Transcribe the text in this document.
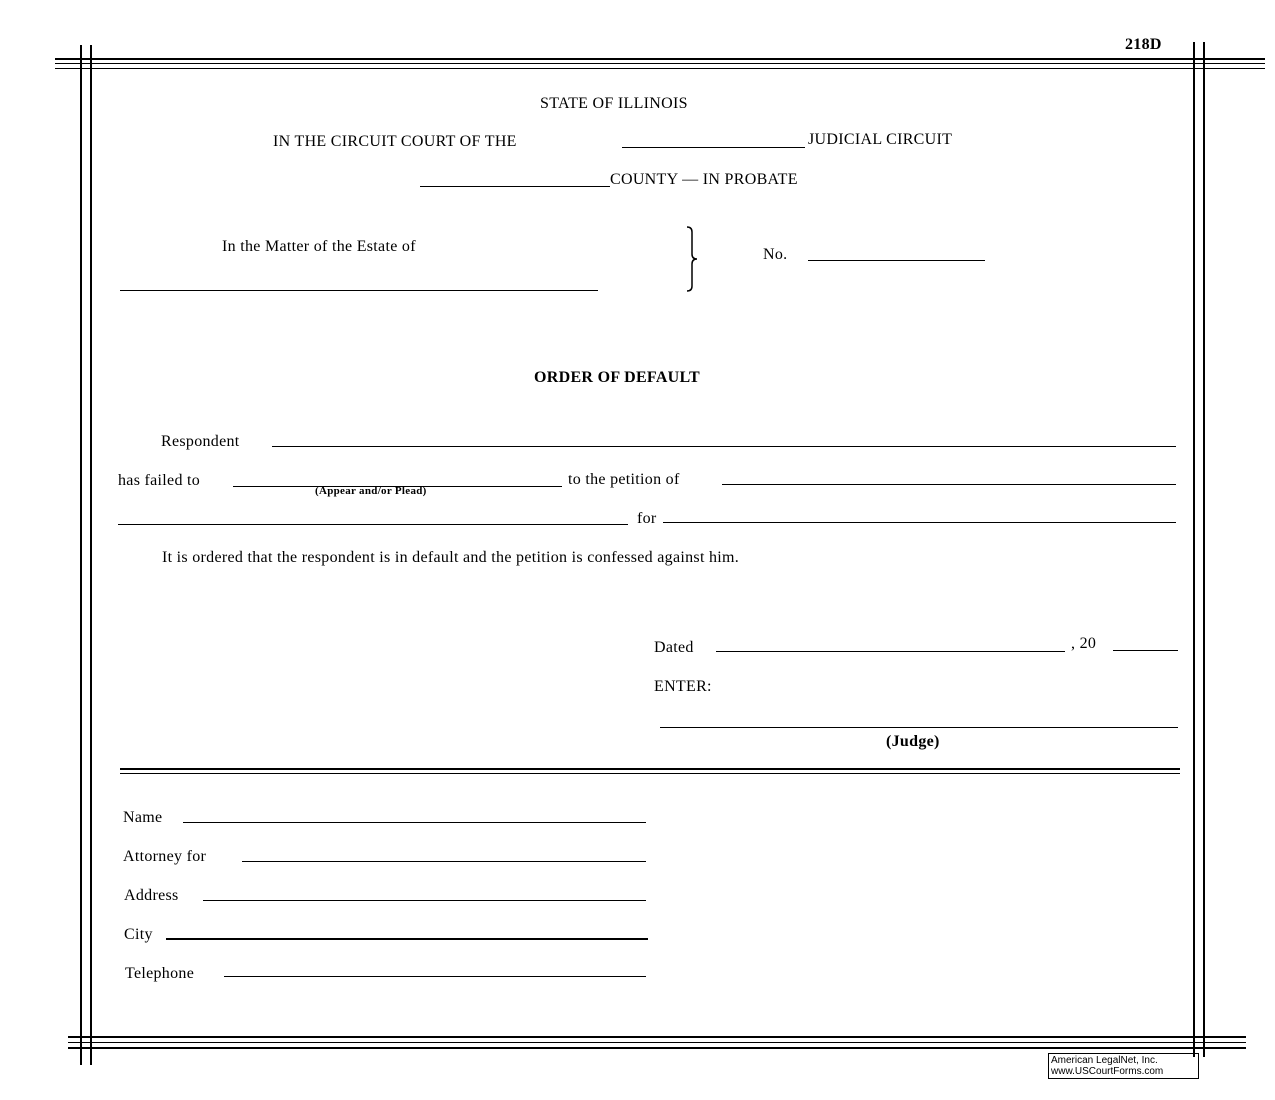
218D
STATE OF ILLINOIS
IN THE CIRCUIT COURT OF THE	JUDICIAL CIRCUIT
COUNTY — IN PROBATE
In the Matter of the Estate of	No.
ORDER OF DEFAULT
Respondent
has failed to
(Appear and/or Plead)
to the petition of
for
It is ordered that the respondent is in default and the petition is confessed against him.
Dated	, 20
ENTER:
(Judge)
Name
Attorney for
Address
City
Telephone
American LegalNet, Inc.
www.USCourtForms.com
